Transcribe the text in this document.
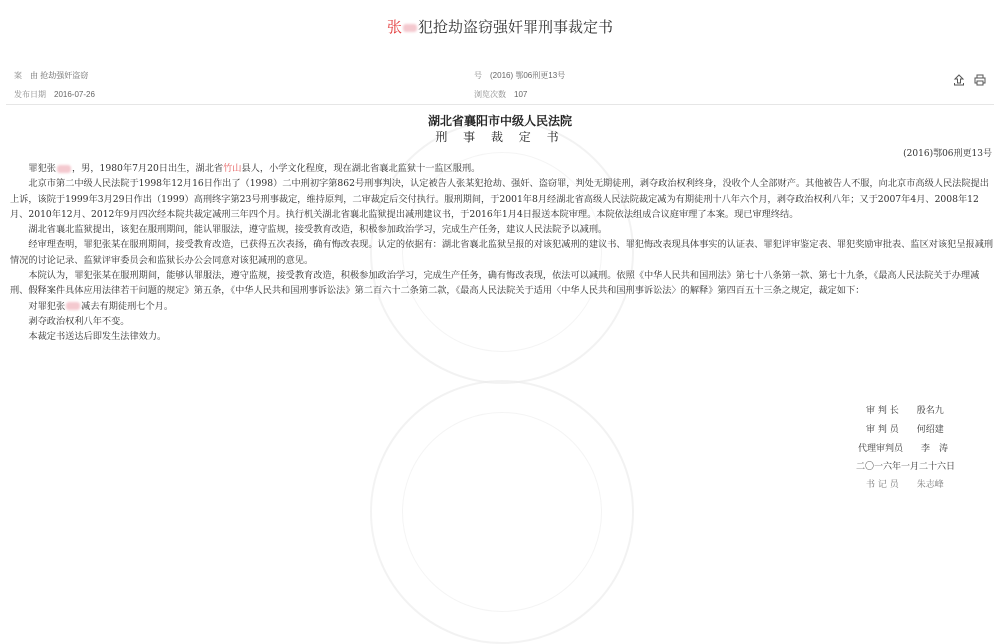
张 犯抢劫盗窃强奸罪刑事裁定书
案 由 抢劫强奸盗窃	号 (2016) 鄂06刑更13号
发布日期 2016-07-26	浏览次数 107
湖北省襄阳市中级人民法院
刑 事 裁 定 书
(2016)鄂06刑更13号

罪犯张 ，男，1980年7月20日出生，湖北省竹山县人，小学文化程度，现在湖北省襄北监狱十一监区服刑。

北京市第二中级人民法院于1998年12月16日作出了（1998）二中刑初字第862号刑事判决，认定被告人张某犯抢劫、强奸、盗窃罪，判处无期徒刑，剥夺政治权利终身，没收个人全部财产。其他被告人不服，向北京市高级人民法院提出上诉，该院于1999年3月29日作出（1999）高刑终字第23号刑事裁定，维持原判，二审裁定后交付执行。服刑期间，于2001年8月经湖北省高级人民法院裁定减为有期徒刑十八年六个月，剥夺政治权利八年；又于2007年4月、2008年12月、2010年12月、2012年9月四次经本院共裁定减刑三年四个月。执行机关湖北省襄北监狱提出减刑建议书，于2016年1月4日报送本院审理。本院依法组成合议庭审理了本案。现已审理终结。

湖北省襄北监狱提出，该犯在服刑期间，能认罪服法，遵守监规，接受教育改造，积极参加政治学习，完成生产任务，建议人民法院予以减刑。

经审理查明，罪犯张某在服刑期间，接受教育改造，已获得五次表扬，确有悔改表现。认定的依据有：湖北省襄北监狱呈报的对该犯减刑的建议书、罪犯悔改表现具体事实的认证表、罪犯评审鉴定表、罪犯奖励审批表、监区对该犯呈报减刑情况的讨论记录、监狱评审委员会和监狱长办公会同意对该犯减刑的意见。

本院认为，罪犯张某在服刑期间，能够认罪服法，遵守监规，接受教育改造，积极参加政治学习，完成生产任务，确有悔改表现，依法可以减刑。依照《中华人民共和国刑法》第七十八条第一款、第七十九条，《最高人民法院关于办理减刑、假释案件具体应用法律若干问题的规定》第五条，《中华人民共和国刑事诉讼法》第二百六十二条第二款，《最高人民法院关于适用〈中华人民共和国刑事诉讼法〉的解释》第四百五十三条之规定，裁定如下：

对罪犯张 减去有期徒刑七个月。

剥夺政治权利八年不变。

本裁定书送达后即发生法律效力。

审 判 长　　 殷名九
审 判 员　　 何绍建
代理审判员　　 李　涛
二〇一六年一月二十六日
书 记 员　　 朱志峰
